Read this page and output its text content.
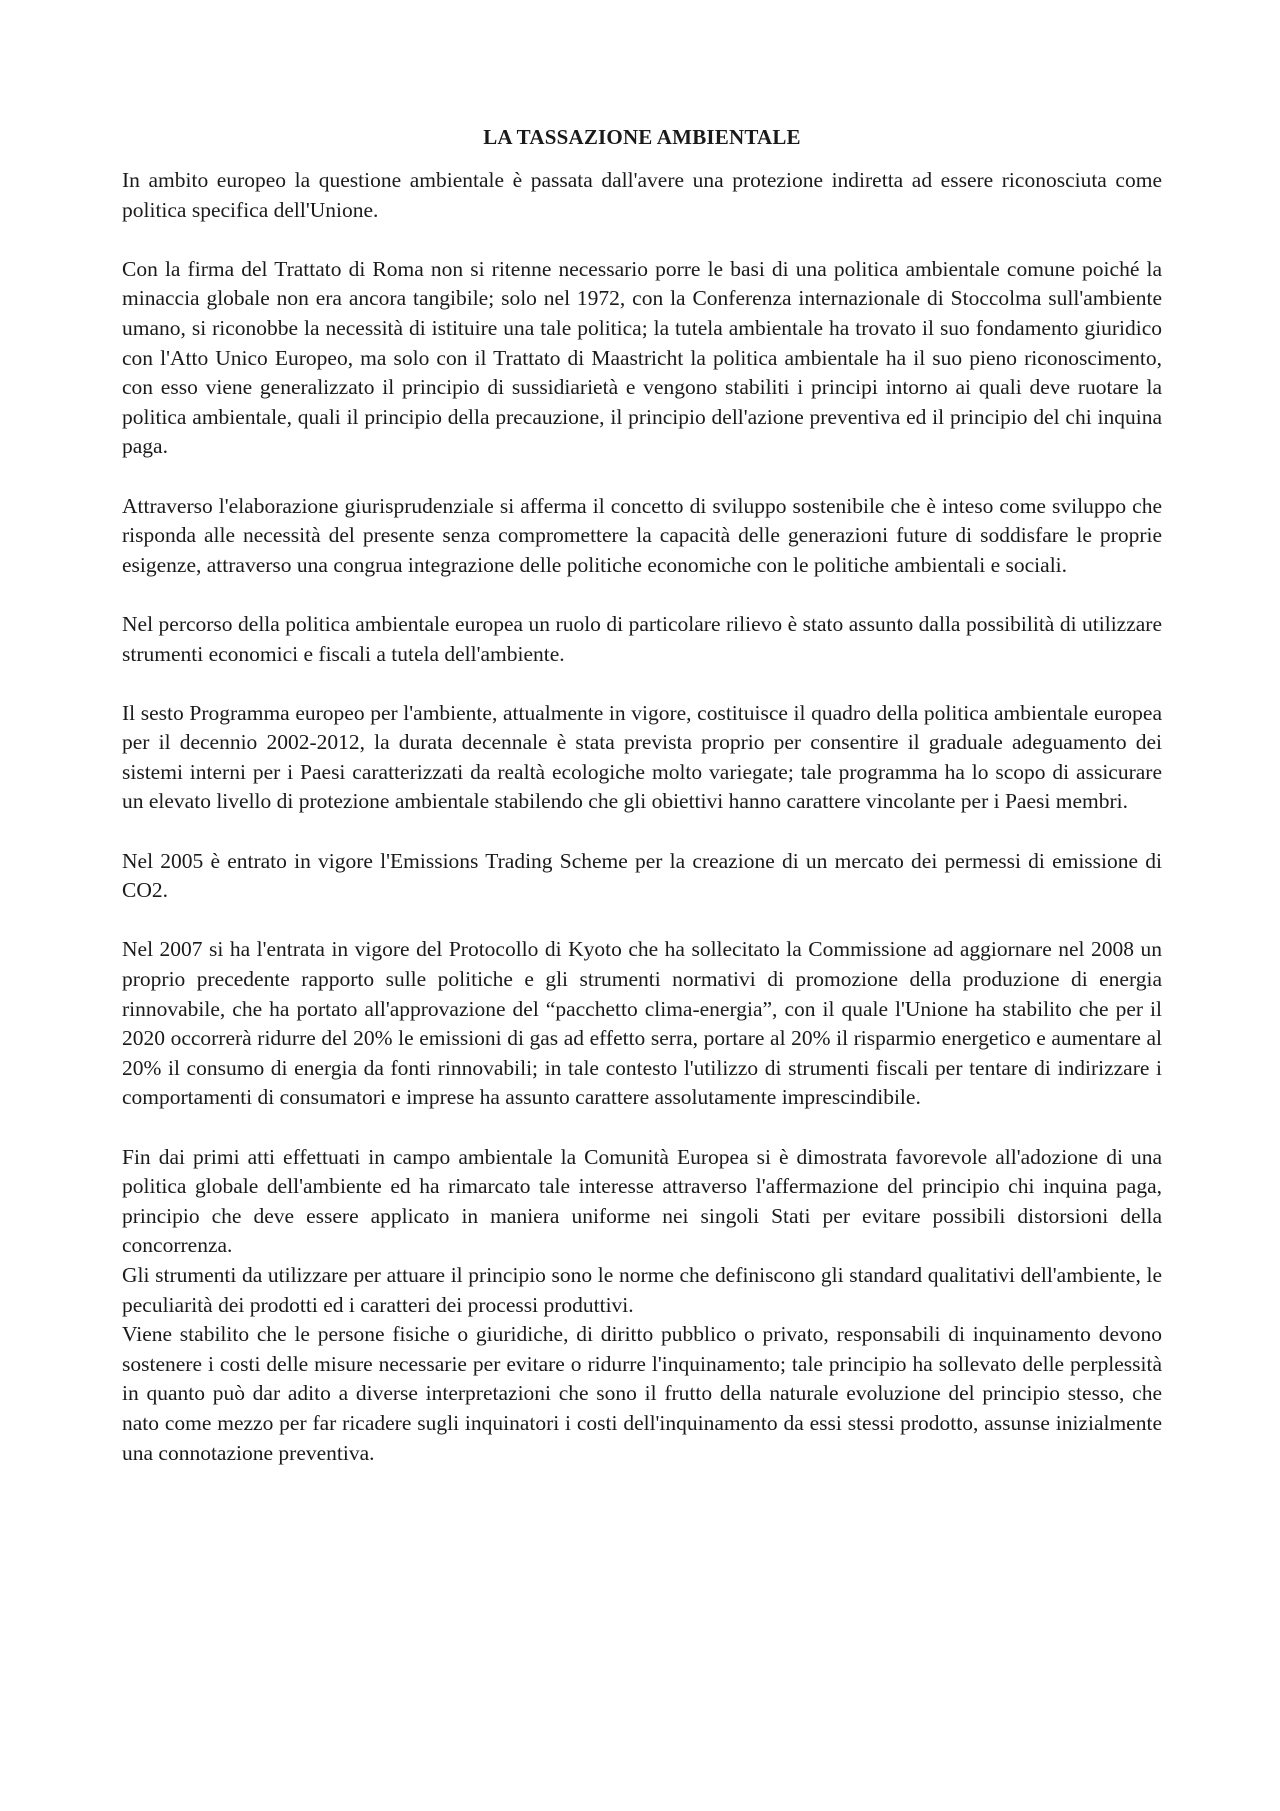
LA TASSAZIONE AMBIENTALE

In ambito europeo la questione ambientale è passata dall'avere una protezione indiretta ad essere riconosciuta come politica specifica dell'Unione.

Con la firma del Trattato di Roma non si ritenne necessario porre le basi di una politica ambientale comune poiché la minaccia globale non era ancora tangibile; solo nel 1972, con la Conferenza internazionale di Stoccolma sull'ambiente umano, si riconobbe la necessità di istituire una tale politica; la tutela ambientale ha trovato il suo fondamento giuridico con l'Atto Unico Europeo, ma solo con il Trattato di Maastricht la politica ambientale ha il suo pieno riconoscimento, con esso viene generalizzato il principio di sussidiarietà e vengono stabiliti i principi intorno ai quali deve ruotare la politica ambientale, quali il principio della precauzione, il principio dell'azione preventiva ed il principio del chi inquina paga.

Attraverso l'elaborazione giurisprudenziale si afferma il concetto di sviluppo sostenibile che è inteso come sviluppo che risponda alle necessità del presente senza compromettere la capacità delle generazioni future di soddisfare le proprie esigenze, attraverso una congrua integrazione delle politiche economiche con le politiche ambientali e sociali.

Nel percorso della politica ambientale europea un ruolo di particolare rilievo è stato assunto dalla possibilità di utilizzare strumenti economici e fiscali a tutela dell'ambiente.

Il sesto Programma europeo per l'ambiente, attualmente in vigore, costituisce il quadro della politica ambientale europea per il decennio 2002-2012, la durata decennale è stata prevista proprio per consentire il graduale adeguamento dei sistemi interni per i Paesi caratterizzati da realtà ecologiche molto variegate; tale programma ha lo scopo di assicurare un elevato livello di protezione ambientale stabilendo che gli obiettivi hanno carattere vincolante per i Paesi membri.

Nel 2005 è entrato in vigore l'Emissions Trading Scheme per la creazione di un mercato dei permessi di emissione di CO2.

Nel 2007 si ha l'entrata in vigore del Protocollo di Kyoto che ha sollecitato la Commissione ad aggiornare nel 2008 un proprio precedente rapporto sulle politiche e gli strumenti normativi di promozione della produzione di energia rinnovabile, che ha portato all'approvazione del “pacchetto clima-energia”, con il quale l'Unione ha stabilito che per il 2020 occorrerà ridurre del 20% le emissioni di gas ad effetto serra, portare al 20% il risparmio energetico e aumentare al 20% il consumo di energia da fonti rinnovabili; in tale contesto l'utilizzo di strumenti fiscali per tentare di indirizzare i comportamenti di consumatori e imprese ha assunto carattere assolutamente imprescindibile.

Fin dai primi atti effettuati in campo ambientale la Comunità Europea si è dimostrata favorevole all'adozione di una politica globale dell'ambiente ed ha rimarcato tale interesse attraverso l'affermazione del principio chi inquina paga, principio che deve essere applicato in maniera uniforme nei singoli Stati per evitare possibili distorsioni della concorrenza.

Gli strumenti da utilizzare per attuare il principio sono le norme che definiscono gli standard qualitativi dell'ambiente, le peculiarità dei prodotti ed i caratteri dei processi produttivi.

Viene stabilito che le persone fisiche o giuridiche, di diritto pubblico o privato, responsabili di inquinamento devono sostenere i costi delle misure necessarie per evitare o ridurre l'inquinamento; tale principio ha sollevato delle perplessità in quanto può dar adito a diverse interpretazioni che sono il frutto della naturale evoluzione del principio stesso, che nato come mezzo per far ricadere sugli inquinatori i costi dell'inquinamento da essi stessi prodotto, assunse inizialmente una connotazione preventiva.
